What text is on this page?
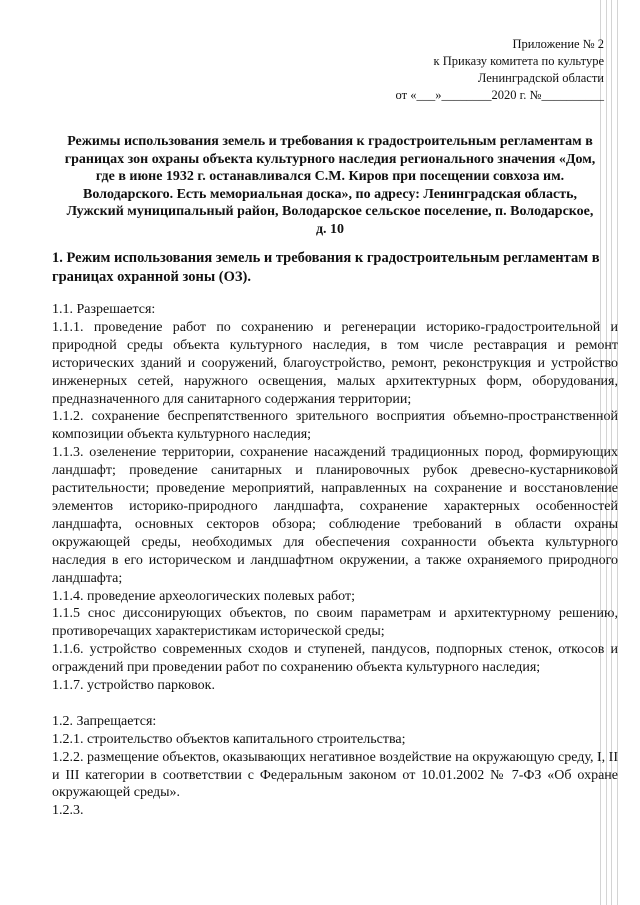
Приложение № 2
к Приказу комитета по культуре
Ленинградской области
от «___»________2020 г. №__________
Режимы использования земель и требования к градостроительным регламентам в границах зон охраны объекта культурного наследия регионального значения «Дом, где в июне 1932 г. останавливался С.М. Киров при посещении совхоза им. Володарского. Есть мемориальная доска», по адресу: Ленинградская область, Лужский муниципальный район, Володарское сельское поселение, п. Володарское, д. 10
1. Режим использования земель и требования к градостроительным регламентам в границах охранной зоны (ОЗ).

1.1. Разрешается:

1.1.1. проведение работ по сохранению и регенерации историко-градостроительной и природной среды объекта культурного наследия, в том числе реставрация и ремонт исторических зданий и сооружений, благоустройство, ремонт, реконструкция и устройство инженерных сетей, наружного освещения, малых архитектурных форм, оборудования, предназначенного для санитарного содержания территории;

1.1.2. сохранение беспрепятственного зрительного восприятия объемно-пространственной композиции объекта культурного наследия;

1.1.3. озеленение территории, сохранение насаждений традиционных пород, формирующих ландшафт; проведение санитарных и планировочных рубок древесно-кустарниковой растительности; проведение мероприятий, направленных на сохранение и восстановление элементов историко-природного ландшафта, сохранение характерных особенностей ландшафта, основных секторов обзора; соблюдение требований в области охраны окружающей среды, необходимых для обеспечения сохранности объекта культурного наследия в его историческом и ландшафтном окружении, а также охраняемого природного ландшафта;

1.1.4. проведение археологических полевых работ;

1.1.5 снос диссонирующих объектов, по своим параметрам и архитектурному решению, противоречащих характеристикам исторической среды;

1.1.6. устройство современных сходов и ступеней, пандусов, подпорных стенок, откосов и ограждений при проведении работ по сохранению объекта культурного наследия;

1.1.7. устройство парковок.

1.2. Запрещается:

1.2.1. строительство объектов капитального строительства;

1.2.2. размещение объектов, оказывающих негативное воздействие на окружающую среду, I, II и III категории в соответствии с Федеральным законом от 10.01.2002 № 7-ФЗ «Об охране окружающей среды».

1.2.3.
